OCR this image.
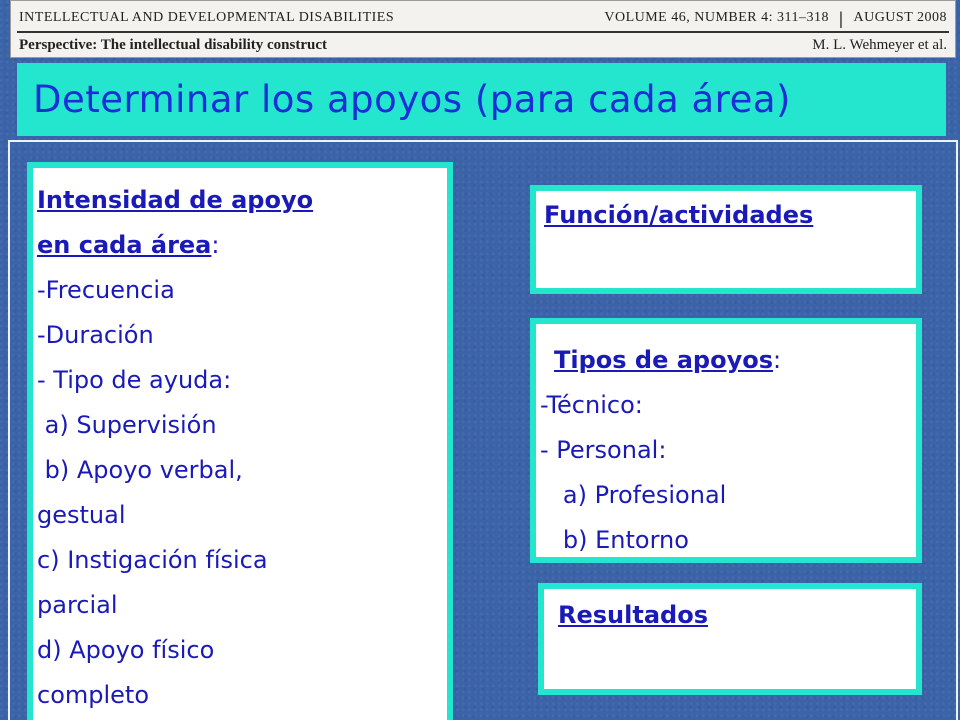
INTELLECTUAL AND DEVELOPMENTAL DISABILITIES	VOLUME 46, NUMBER 4: 311–318 | AUGUST 2008
Perspective: The intellectual disability construct	M. L. Wehmeyer et al.
Determinar los apoyos (para cada área)
Intensidad de apoyo
en cada área:
-Frecuencia
-Duración
- Tipo de ayuda:
a) Supervisión
b) Apoyo verbal,
gestual
c) Instigación física
parcial
d) Apoyo físico
completo
Función/actividades
Tipos de apoyos:
-Técnico:
- Personal:
a) Profesional
b) Entorno
Resultados
